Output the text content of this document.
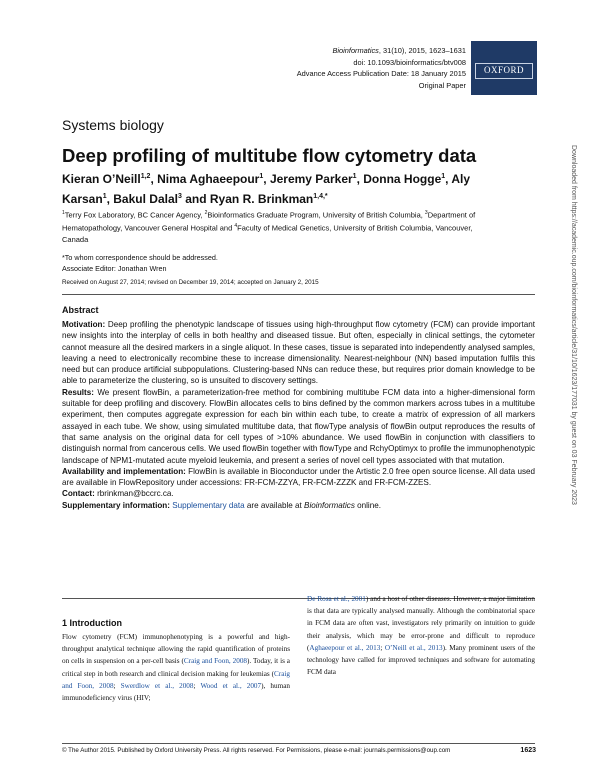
Bioinformatics, 31(10), 2015, 1623–1631
doi: 10.1093/bioinformatics/btv008
Advance Access Publication Date: 18 January 2015
Original Paper
OXFORD
Systems biology
Deep profiling of multitube flow cytometry data
Kieran O’Neill$^{1,2}$, Nima Aghaeepour$^1$, Jeremy Parker$^1$, Donna Hogge$^1$, Aly Karsan$^1$, Bakul Dalal$^3$ and Ryan R. Brinkman$^{1,4,*}$
$^1$Terry Fox Laboratory, BC Cancer Agency, $^2$Bioinformatics Graduate Program, University of British Columbia, $^3$Department of Hematopathology, Vancouver General Hospital and $^4$Faculty of Medical Genetics, University of British Columbia, Vancouver, Canada
*To whom correspondence should be addressed.
Associate Editor: Jonathan Wren
Received on August 27, 2014; revised on December 19, 2014; accepted on January 2, 2015
Abstract

Motivation: Deep profiling the phenotypic landscape of tissues using high-throughput flow cytometry (FCM) can provide important new insights into the interplay of cells in both healthy and diseased tissue. But often, especially in clinical settings, the cytometer cannot measure all the desired markers in a single aliquot. In these cases, tissue is separated into independently analysed samples, leaving a need to electronically recombine these to increase dimensionality. Nearest-neighbour (NN) based imputation fulfils this need but can produce artificial subpopulations. Clustering-based NNs can reduce these, but requires prior domain knowledge to be able to parameterize the clustering, so is unsuited to discovery settings.

Results: We present flowBin, a parameterization-free method for combining multitube FCM data into a higher-dimensional form suitable for deep profiling and discovery. FlowBin allocates cells to bins defined by the common markers across tubes in a multitube experiment, then computes aggregate expression for each bin within each tube, to create a matrix of expression of all markers assayed in each tube. We show, using simulated multitube data, that flowType analysis of flowBin output reproduces the results of that same analysis on the original data for cell types of >10% abundance. We used flowBin in conjunction with classifiers to distinguish normal from cancerous cells. We used flowBin together with flowType and RchyOptimyx to profile the immunophenotypic landscape of NPM1-mutated acute myeloid leukemia, and present a series of novel cell types associated with that mutation.

Availability and implementation: FlowBin is available in Bioconductor under the Artistic 2.0 free open source license. All data used are available in FlowRepository under accessions: FR-FCM-ZZYA, FR-FCM-ZZZK and FR-FCM-ZZES.

Contact: rbrinkman@bccrc.ca.

Supplementary information: Supplementary data are available at Bioinformatics online.

1 Introduction
Flow cytometry (FCM) immunophenotyping is a powerful and high-throughput analytical technique allowing the rapid quantification of proteins on cells in suspension on a per-cell basis (Craig and Foon, 2008). Today, it is a critical step in both research and clinical decision making for leukemias (Craig and Foon, 2008; Swerdlow et al., 2008; Wood et al., 2007), human immunodeficiency virus (HIV;
De Rosa et al., 2001) and a host of other diseases. However, a major limitation is that data are typically analysed manually. Although the combinatorial space in FCM data are often vast, investigators rely primarily on intuition to guide their analysis, which may be error-prone and difficult to reproduce (Aghaeepour et al., 2013; O’Neill et al., 2013). Many prominent users of the technology have called for improved techniques and software for automating FCM data
© The Author 2015. Published by Oxford University Press. All rights reserved. For Permissions, please e-mail: journals.permissions@oup.com	1623
Downloaded from https://academic.oup.com/bioinformatics/article/31/10/1623/177031 by guest on 03 February 2023
